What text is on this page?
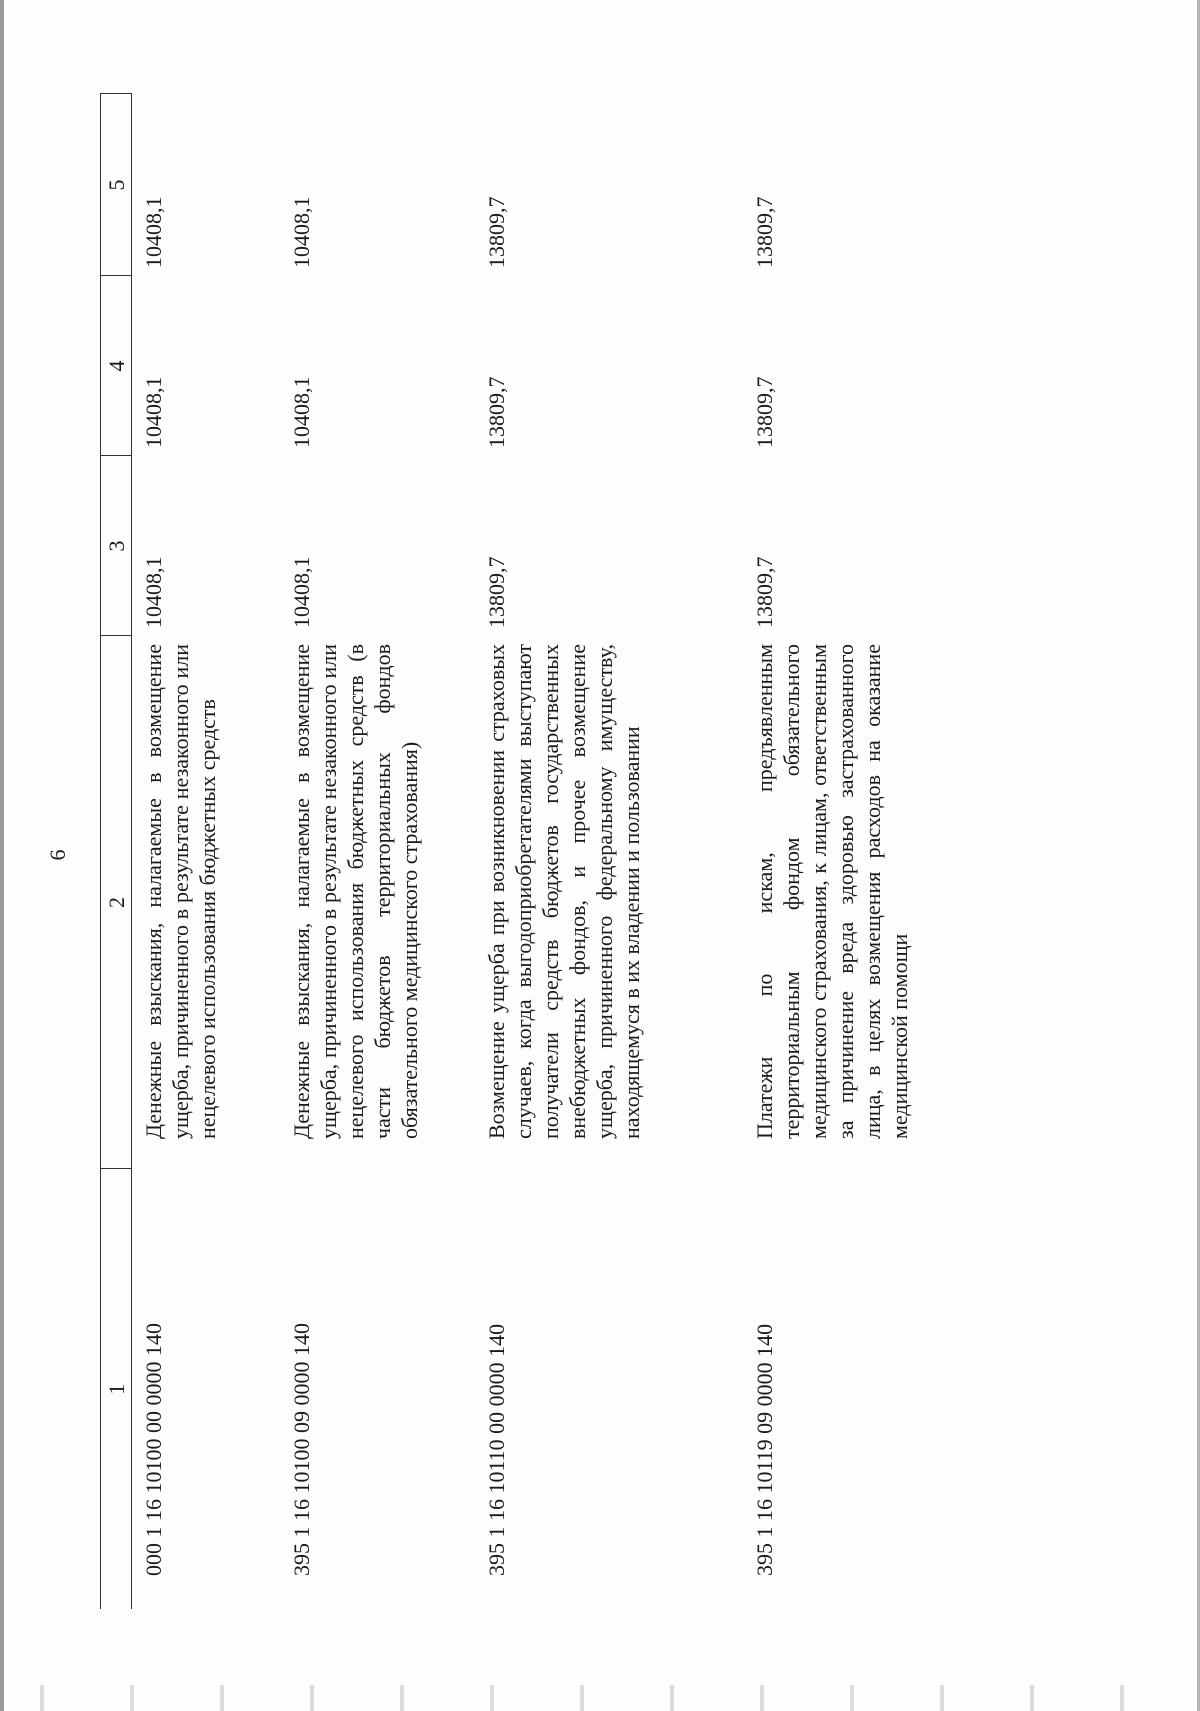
6
1	2	3	4	5
000 1 16 10100 00 0000 140	Денежные взыскания, налагаемые в возмещение ущерба, причиненного в результате незаконного или нецелевого использования бюджетных средств	10408,1	10408,1	10408,1
395 1 16 10100 09 0000 140	Денежные взыскания, налагаемые в возмещение ущерба, причиненного в результате незаконного или нецелевого использования бюджетных средств (в части бюджетов территориальных фондов обязательного медицинского страхования)	10408,1	10408,1	10408,1
395 1 16 10110 00 0000 140	Возмещение ущерба при возникновении страховых случаев, когда выгодоприобретателями выступают получатели средств бюджетов государственных внебюджетных фондов, и прочее возмещение ущерба, причиненного федеральному имуществу, находящемуся в их владении и пользовании	13809,7	13809,7	13809,7
395 1 16 10119 09 0000 140	Платежи по искам, предъявленным территориальным фондом обязательного медицинского страхования, к лицам, ответственным за причинение вреда здоровью застрахованного лица, в целях возмещения расходов на оказание медицинской помощи	13809,7	13809,7	13809,7
